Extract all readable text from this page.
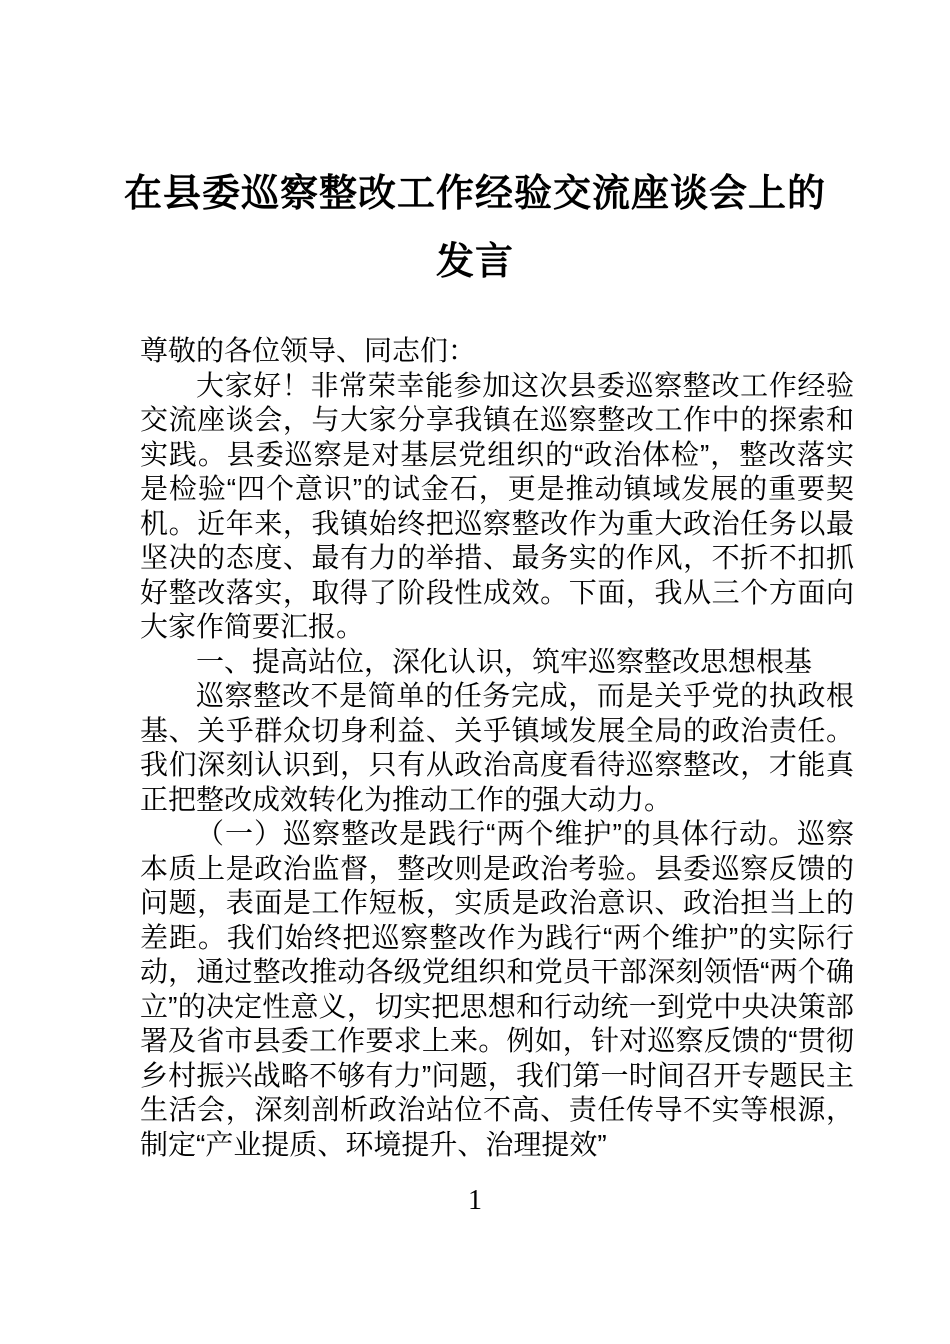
在县委巡察整改工作经验交流座谈会上的
发言

尊敬的各位领导、同志们：

大家好！非常荣幸能参加这次县委巡察整改工作经验交流座谈会，与大家分享我镇在巡察整改工作中的探索和实践。县委巡察是对基层党组织的“政治体检”，整改落实是检验“四个意识”的试金石，更是推动镇域发展的重要契机。近年来，我镇始终把巡察整改作为重大政治任务以最坚决的态度、最有力的举措、最务实的作风，不折不扣抓好整改落实，取得了阶段性成效。下面，我从三个方面向大家作简要汇报。

一、提高站位，深化认识，筑牢巡察整改思想根基

巡察整改不是简单的任务完成，而是关乎党的执政根基、关乎群众切身利益、关乎镇域发展全局的政治责任。我们深刻认识到，只有从政治高度看待巡察整改，才能真正把整改成效转化为推动工作的强大动力。

（一）巡察整改是践行“两个维护”的具体行动。巡察本质上是政治监督，整改则是政治考验。县委巡察反馈的问题，表面是工作短板，实质是政治意识、政治担当上的差距。我们始终把巡察整改作为践行“两个维护”的实际行动，通过整改推动各级党组织和党员干部深刻领悟“两个确立”的决定性意义，切实把思想和行动统一到党中央决策部署及省市县委工作要求上来。例如，针对巡察反馈的“贯彻乡村振兴战略不够有力”问题，我们第一时间召开专题民主生活会，深刻剖析政治站位不高、责任传导不实等根源，制定“产业提质、环境提升、治理提效”

1
